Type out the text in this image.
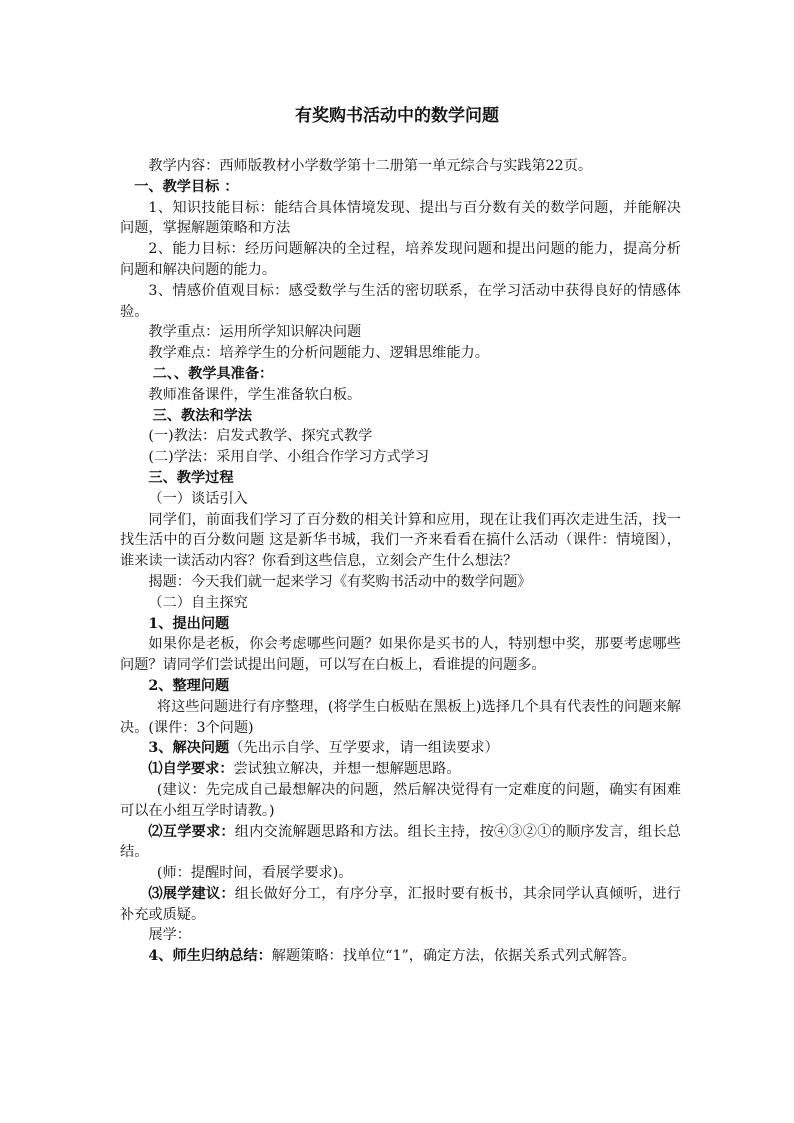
有奖购书活动中的数学问题

教学内容：西师版教材小学数学第十二册第一单元综合与实践第22页。

一、教学目标 ：

1、知识技能目标：能结合具体情境发现、提出与百分数有关的数学问题，并能解决问题，掌握解题策略和方法

2、能力目标：经历问题解决的全过程，培养发现问题和提出问题的能力，提高分析问题和解决问题的能力。

3、情感价值观目标：感受数学与生活的密切联系，在学习活动中获得良好的情感体验。

教学重点：运用所学知识解决问题

教学难点：培养学生的分析问题能力、逻辑思维能力。

二、、教学具准备：

教师准备课件，学生准备软白板。

三、教法和学法

(一)教法：启发式教学、探究式教学

(二)学法：采用自学、小组合作学习方式学习

三、教学过程

（一）谈话引入

同学们，前面我们学习了百分数的相关计算和应用，现在让我们再次走进生活，找一找生活中的百分数问题 这是新华书城，我们一齐来看看在搞什么活动（课件：情境图），谁来读一读活动内容？你看到这些信息，立刻会产生什么想法？

揭题：今天我们就一起来学习《有奖购书活动中的数学问题》

（二）自主探究

1、提出问题

如果你是老板，你会考虑哪些问题？如果你是买书的人，特别想中奖，那要考虑哪些问题？请同学们尝试提出问题，可以写在白板上，看谁提的问题多。

2、整理问题

将这些问题进行有序整理，(将学生白板贴在黑板上)选择几个具有代表性的问题来解决。(课件：3个问题)

3、解决问题（先出示自学、互学要求，请一组读要求）

⑴自学要求：尝试独立解决，并想一想解题思路。

(建议：先完成自己最想解决的问题，然后解决觉得有一定难度的问题，确实有困难可以在小组互学时请教。)

⑵互学要求：组内交流解题思路和方法。组长主持，按④③②①的顺序发言，组长总结。

(师：提醒时间，看展学要求)。

⑶展学建议：组长做好分工，有序分享，汇报时要有板书，其余同学认真倾听，进行补充或质疑。

展学：

4、师生归纳总结：解题策略：找单位“1”，确定方法，依据关系式列式解答。
